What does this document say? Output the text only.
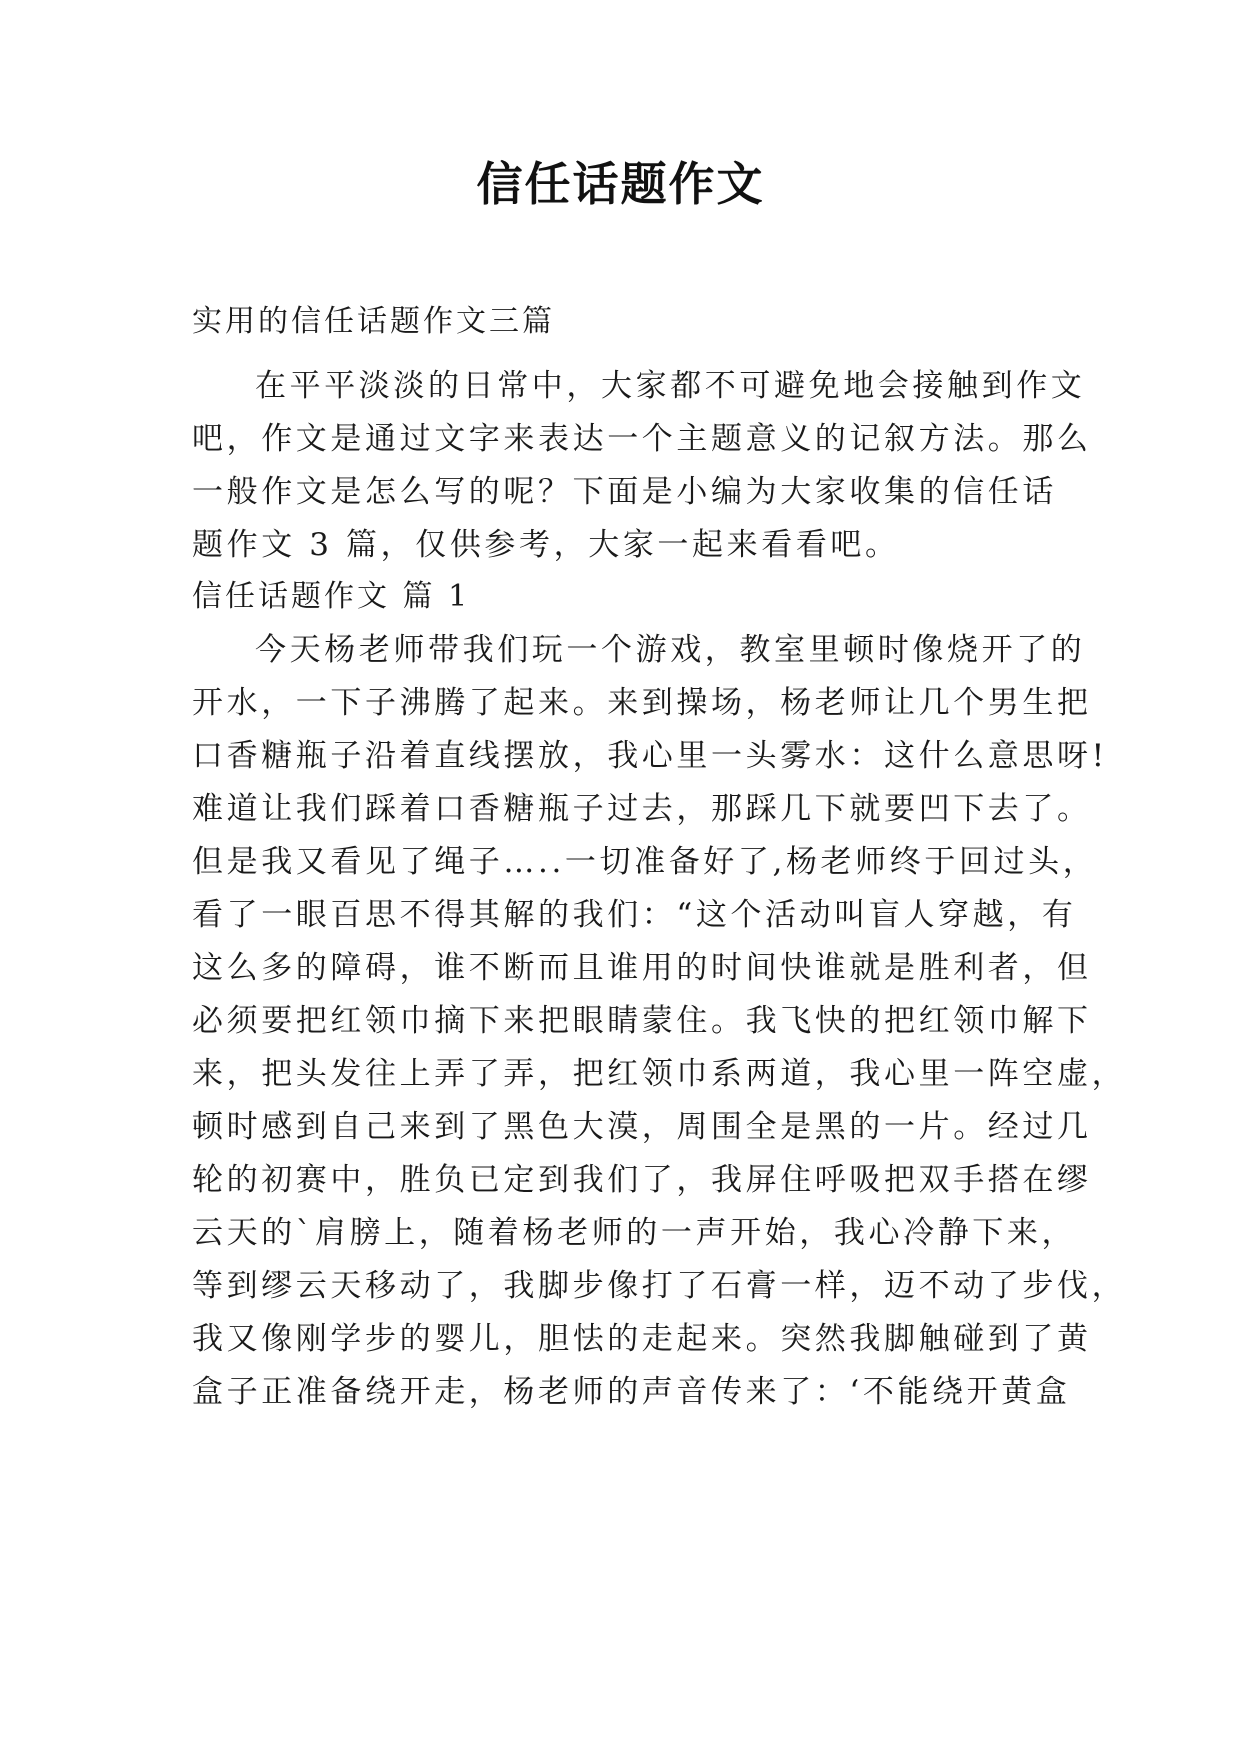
信任话题作文
实用的信任话题作文三篇
在平平淡淡的日常中，大家都不可避免地会接触到作文
吧，作文是通过文字来表达一个主题意义的记叙方法。那么
一般作文是怎么写的呢？下面是小编为大家收集的信任话
题作文 3 篇，仅供参考，大家一起来看看吧。
信任话题作文 篇 1
今天杨老师带我们玩一个游戏，教室里顿时像烧开了的
开水，一下子沸腾了起来。来到操场，杨老师让几个男生把
口香糖瓶子沿着直线摆放，我心里一头雾水：这什么意思呀!
难道让我们踩着口香糖瓶子过去，那踩几下就要凹下去了。
但是我又看见了绳子…..一切准备好了,杨老师终于回过头，
看了一眼百思不得其解的我们：“这个活动叫盲人穿越，有
这么多的障碍，谁不断而且谁用的时间快谁就是胜利者，但
必须要把红领巾摘下来把眼睛蒙住。我飞快的把红领巾解下
来，把头发往上弄了弄，把红领巾系两道，我心里一阵空虚，
顿时感到自己来到了黑色大漠，周围全是黑的一片。经过几
轮的初赛中，胜负已定到我们了，我屏住呼吸把双手搭在缪
云天的`肩膀上，随着杨老师的一声开始，我心冷静下来，
等到缪云天移动了，我脚步像打了石膏一样，迈不动了步伐，
我又像刚学步的婴儿，胆怯的走起来。突然我脚触碰到了黄
盒子正准备绕开走，杨老师的声音传来了：‘不能绕开黄盒
